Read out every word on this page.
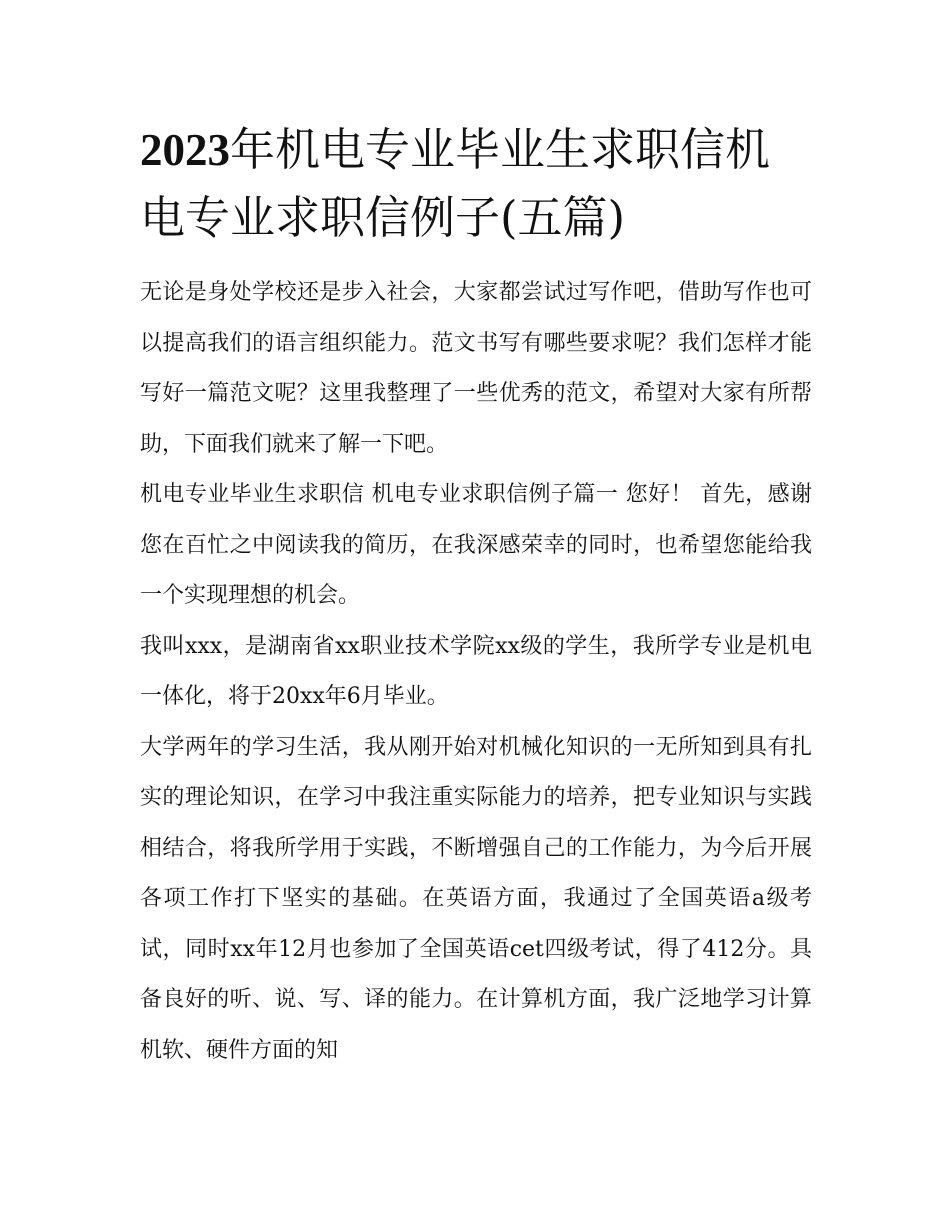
2023年机电专业毕业生求职信机电专业求职信例子(五篇)

无论是身处学校还是步入社会，大家都尝试过写作吧，借助写作也可以提高我们的语言组织能力。范文书写有哪些要求呢？我们怎样才能写好一篇范文呢？这里我整理了一些优秀的范文，希望对大家有所帮助，下面我们就来了解一下吧。

机电专业毕业生求职信 机电专业求职信例子篇一 您好！ 首先，感谢您在百忙之中阅读我的简历，在我深感荣幸的同时，也希望您能给我一个实现理想的机会。

我叫xxx，是湖南省xx职业技术学院xx级的学生，我所学专业是机电一体化，将于20xx年6月毕业。

大学两年的学习生活，我从刚开始对机械化知识的一无所知到具有扎实的理论知识，在学习中我注重实际能力的培养，把专业知识与实践相结合，将我所学用于实践，不断增强自己的工作能力，为今后开展各项工作打下坚实的基础。在英语方面，我通过了全国英语a级考试，同时xx年12月也参加了全国英语cet四级考试，得了412分。具备良好的听、说、写、译的能力。在计算机方面，我广泛地学习计算机软、硬件方面的知
